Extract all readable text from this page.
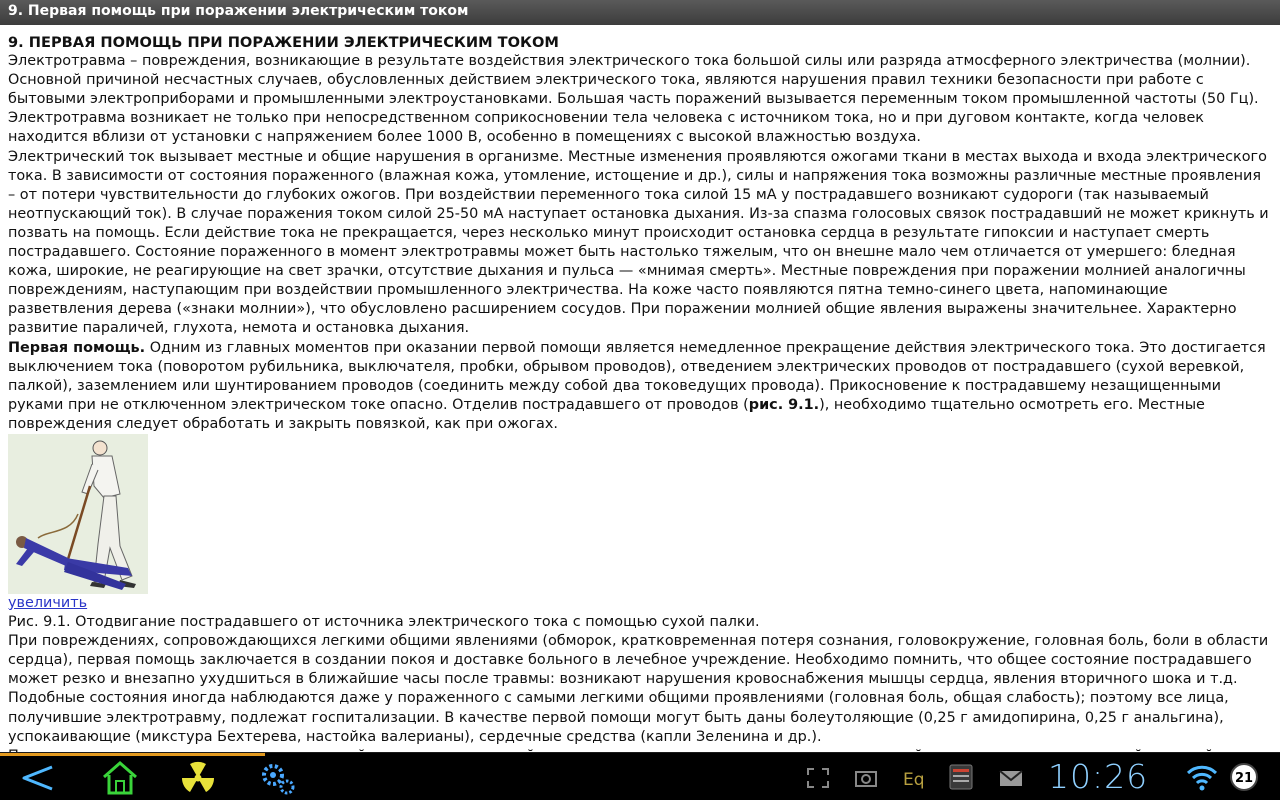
9. Первая помощь при поражении электрическим током

9. ПЕРВАЯ ПОМОЩЬ ПРИ ПОРАЖЕНИИ ЭЛЕКТРИЧЕСКИМ ТОКОМ

Электротравма – повреждения, возникающие в результате воздействия электрического тока большой силы или разряда атмосферного электричества (молнии). Основной причиной несчастных случаев, обусловленных действием электрического тока, являются нарушения правил техники безопасности при работе с бытовыми электроприборами и промышленными электроустановками. Большая часть поражений вызывается переменным током промышленной частоты (50 Гц). Электротравма возникает не только при непосредственном соприкосновении тела человека с источником тока, но и при дуговом контакте, когда человек находится вблизи от установки с напряжением более 1000 В, особенно в помещениях с высокой влажностью воздуха.

Электрический ток вызывает местные и общие нарушения в организме. Местные изменения проявляются ожогами ткани в местах выхода и входа электрического тока. В зависимости от состояния пораженного (влажная кожа, утомление, истощение и др.), силы и напряжения тока возможны различные местные проявления – от потери чувствительности до глубоких ожогов. При воздействии переменного тока силой 15 мА у пострадавшего возникают судороги (так называемый неотпускающий ток). В случае поражения током силой 25-50 мА наступает остановка дыхания. Из-за спазма голосовых связок пострадавший не может крикнуть и позвать на помощь. Если действие тока не прекращается, через несколько минут происходит остановка сердца в результате гипоксии и наступает смерть пострадавшего. Состояние пораженного в момент электротравмы может быть настолько тяжелым, что он внешне мало чем отличается от умершего: бледная кожа, широкие, не реагирующие на свет зрачки, отсутствие дыхания и пульса — «мнимая смерть». Местные повреждения при поражении молнией аналогичны повреждениям, наступающим при воздействии промышленного электричества. На коже часто появляются пятна темно-синего цвета, напоминающие разветвления дерева («знаки молнии»), что обусловлено расширением сосудов. При поражении молнией общие явления выражены значительнее. Характерно развитие параличей, глухота, немота и остановка дыхания.

Первая помощь. Одним из главных моментов при оказании первой помощи является немедленное прекращение действия электрического тока. Это достигается выключением тока (поворотом рубильника, выключателя, пробки, обрывом проводов), отведением электрических проводов от пострадавшего (сухой веревкой, палкой), заземлением или шунтированием проводов (соединить между собой два токоведущих провода). Прикосновение к пострадавшему незащищенными руками при не отключенном электрическом токе опасно. Отделив пострадавшего от проводов (рис. 9.1.), необходимо тщательно осмотреть его. Местные повреждения следует обработать и закрыть повязкой, как при ожогах.

увеличить

Рис. 9.1. Отодвигание пострадавшего от источника электрического тока с помощью сухой палки.

При повреждениях, сопровождающихся легкими общими явлениями (обморок, кратковременная потеря сознания, головокружение, головная боль, боли в области сердца), первая помощь заключается в создании покоя и доставке больного в лечебное учреждение. Необходимо помнить, что общее состояние пострадавшего может резко и внезапно ухудшиться в ближайшие часы после травмы: возникают нарушения кровоснабжения мышцы сердца, явления вторичного шока и т.д. Подобные состояния иногда наблюдаются даже у пораженного с самыми легкими общими проявлениями (головная боль, общая слабость); поэтому все лица, получившие электротравму, подлежат госпитализации. В качестве первой помощи могут быть даны болеутоляющие (0,25 г амидопирина, 0,25 г анальгина), успокаивающие (микстура Бехтерева, настойка валерианы), сердечные средства (капли Зеленина и др.).

Eq	10:26	21
